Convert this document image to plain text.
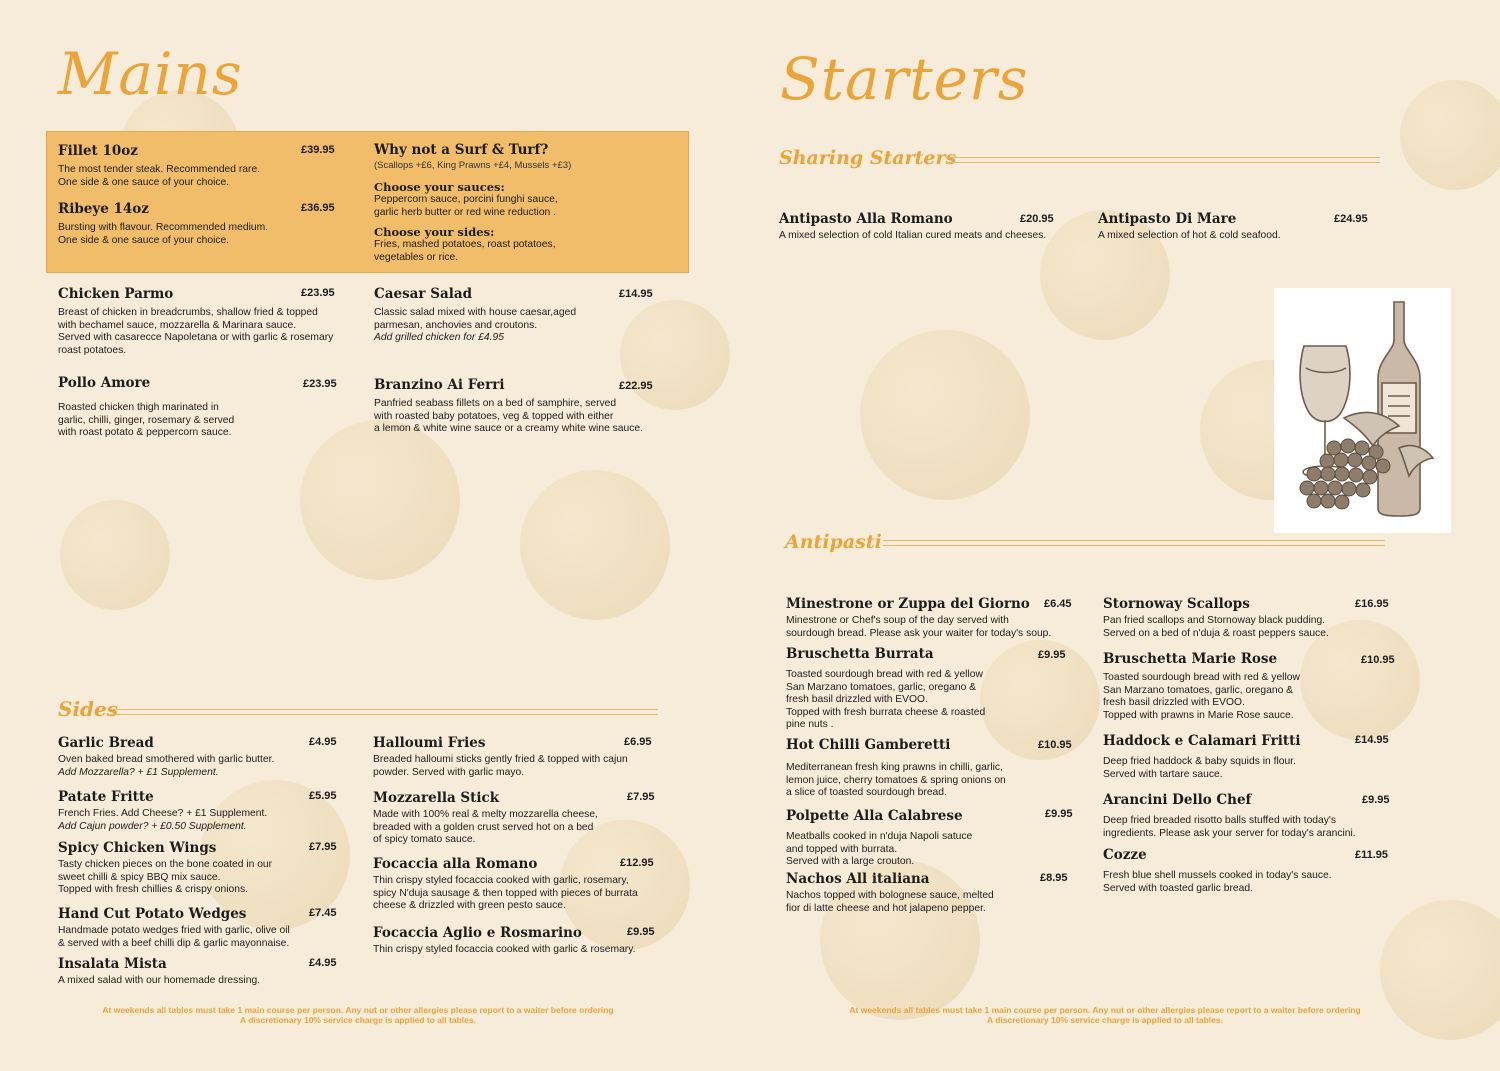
Mains
Fillet 10oz	£39.95
The most tender steak. Recommended rare.
One side & one sauce of your choice.
Ribeye 14oz	£36.95
Bursting with flavour. Recommended medium.
One side & one sauce of your choice.
Why not a Surf & Turf?
(Scallops +£6, King Prawns +£4, Mussels +£3)
Choose your sauces:
Peppercorn sauce, porcini funghi sauce,
garlic herb butter or red wine reduction .
Choose your sides:
Fries, mashed potatoes, roast potatoes,
vegetables or rice.
Chicken Parmo	£23.95
Breast of chicken in breadcrumbs, shallow fried & topped
with bechamel sauce, mozzarella & Marinara sauce.
Served with casarecce Napoletana or with garlic & rosemary
roast potatoes.
Caesar Salad	£14.95
Classic salad mixed with house caesar,aged
parmesan, anchovies and croutons.
Add grilled chicken for £4.95
Pollo Amore	£23.95
Roasted chicken thigh marinated in
garlic, chilli, ginger, rosemary & served
with roast potato & peppercorn sauce.
Branzino Ai Ferri	£22.95
Panfried seabass fillets on a bed of samphire, served
with roasted baby potatoes, veg & topped with either
a lemon & white wine sauce or a creamy white wine sauce.
Sides
Garlic Bread	£4.95
Oven baked bread smothered with garlic butter.
Add Mozzarella? + £1 Supplement.
Patate Fritte	£5.95
French Fries. Add Cheese? + £1 Supplement.
Add Cajun powder? + £0.50 Supplement.
Spicy Chicken Wings	£7.95
Tasty chicken pieces on the bone coated in our
sweet chilli & spicy BBQ mix sauce.
Topped with fresh chillies & crispy onions.
Hand Cut Potato Wedges	£7.45
Handmade potato wedges fried with garlic, olive oil
& served with a beef chilli dip & garlic mayonnaise.
Insalata Mista	£4.95
A mixed salad with our homemade dressing.
Halloumi Fries	£6.95
Breaded halloumi sticks gently fried & topped with cajun
powder. Served with garlic mayo.
Mozzarella Stick	£7.95
Made with 100% real & melty mozzarella cheese,
breaded with a golden crust served hot on a bed
of spicy tomato sauce.
Focaccia alla Romano	£12.95
Thin crispy styled focaccia cooked with garlic, rosemary,
spicy N'duja sausage & then topped with pieces of burrata
cheese & drizzled with green pesto sauce.
Focaccia Aglio e Rosmarino	£9.95
Thin crispy styled focaccia cooked with garlic & rosemary.
At weekends all tables must take 1 main course per person. Any nut or other allergies please report to a waiter before ordering
A discretionary 10% service charge is applied to all tables.
Starters
Sharing Starters
Antipasto Alla Romano	£20.95
A mixed selection of cold Italian cured meats and cheeses.
Antipasto Di Mare	£24.95
A mixed selection of hot & cold seafood.
Antipasti
Minestrone or Zuppa del Giorno £6.45
Minestrone or Chef's soup of the day served with
sourdough bread. Please ask your waiter for today's soup.
Bruschetta Burrata	£9.95
Toasted sourdough bread with red & yellow
San Marzano tomatoes, garlic, oregano &
fresh basil drizzled with EVOO.
Topped with fresh burrata cheese & roasted
pine nuts .
Hot Chilli Gamberetti	£10.95
Mediterranean fresh king prawns in chilli, garlic,
lemon juice, cherry tomatoes & spring onions on
a slice of toasted sourdough bread.
Polpette Alla Calabrese	£9.95
Meatballs cooked in n'duja Napoli satuce
and topped with burrata.
Served with a large crouton.
Nachos All italiana	£8.95
Nachos topped with bolognese sauce, melted
fior di latte cheese and hot jalapeno pepper.
Stornoway Scallops	£16.95
Pan fried scallops and Stornoway black pudding.
Served on a bed of n'duja & roast peppers sauce.
Bruschetta Marie Rose	£10.95
Toasted sourdough bread with red & yellow
San Marzano tomatoes, garlic, oregano &
fresh basil drizzled with EVOO.
Topped with prawns in Marie Rose sauce.
Haddock e Calamari Fritti	£14.95
Deep fried haddock & baby squids in flour.
Served with tartare sauce.
Arancini Dello Chef	£9.95
Deep fried breaded risotto balls stuffed with today's
ingredients. Please ask your server for today's arancini.
Cozze	£11.95
Fresh blue shell mussels cooked in today's sauce.
Served with toasted garlic bread.
At weekends all tables must take 1 main course per person. Any nut or other allergies please report to a waiter before ordering
A discretionary 10% service charge is applied to all tables.
